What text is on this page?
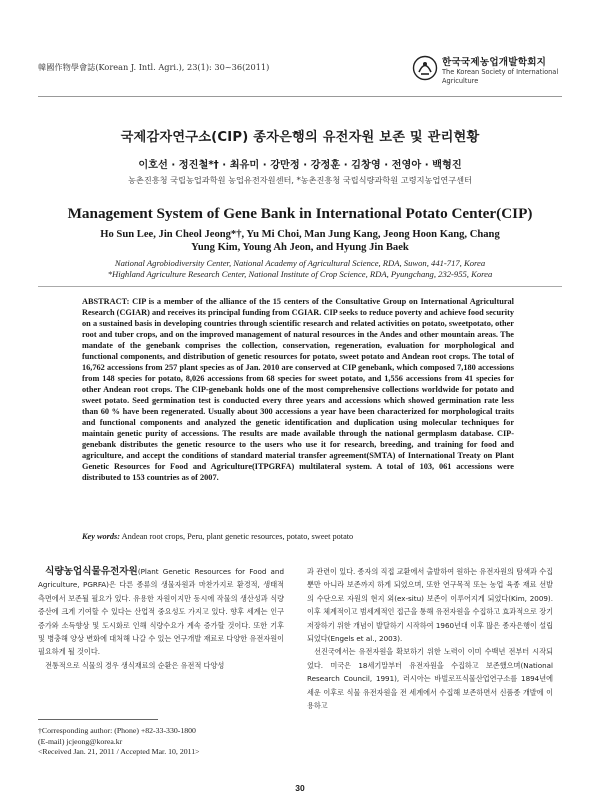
韓國作物學會誌(Korean J. Intl. Agri.), 23(1): 30~36(2011)	한국국제농업개발학회지
The Korean Society of International Agriculture
국제감자연구소(CIP) 종자은행의 유전자원 보존 및 관리현황
이호선 · 정진철*† · 최유미 · 강만정 · 강정훈 · 김창영 · 전영아 · 백형진
농촌진흥청 국립농업과학원 농업유전자원센터, *농촌진흥청 국립식량과학원 고령지농업연구센터
Management System of Gene Bank in International Potato Center(CIP)
Ho Sun Lee, Jin Cheol Jeong*†, Yu Mi Choi, Man Jung Kang, Jeong Hoon Kang, Chang Yung Kim, Young Ah Jeon, and Hyung Jin Baek
National Agrobiodiversity Center, National Academy of Agricultural Science, RDA, Suwon, 441-717, Korea
*Highland Agriculture Research Center, National Institute of Crop Science, RDA, Pyungchang, 232-955, Korea
ABSTRACT: CIP is a member of the alliance of the 15 centers of the Consultative Group on International Agricultural Research (CGIAR) and receives its principal funding from CGIAR. CIP seeks to reduce poverty and achieve food security on a sustained basis in developing countries through scientific research and related activities on potato, sweetpotato, other root and tuber crops, and on the improved management of natural resources in the Andes and other mountain areas. The mandate of the genebank comprises the collection, conservation, regeneration, evaluation for morphological and functional components, and distribution of genetic resources for potato, sweet potato and Andean root crops. The total of 16,762 accessions from 257 plant species as of Jan. 2010 are conserved at CIP genebank, which composed 7,180 accessions from 148 species for potato, 8,026 accessions from 68 species for sweet potato, and 1,556 accessions from 41 species for other Andean root crops. The CIP-genebank holds one of the most comprehensive collections worldwide for potato and sweet potato. Seed germination test is conducted every three years and accessions which showed germination rate less than 60 % have been regenerated. Usually about 300 accessions a year have been characterized for morphological traits and functional components and analyzed the genetic identification and duplication using molecular techniques for maintain genetic purity of accessions. The results are made available through the national germplasm database. CIP-genebank distributes the genetic resource to the users who use it for research, breeding, and training for food and agriculture, and accept the conditions of standard material transfer agreement(SMTA) of International Treaty on Plant Genetic Resources for Food and Agriculture(ITPGRFA) multilateral system. A total of 103, 061 accessions were distributed to 153 countries as of 2007.
Key words: Andean root crops, Peru, plant genetic resources, potato, sweet potato

식량농업식물유전자원(Plant Genetic Resources for Food and Agriculture, PGRFA)은 다른 종류의 생물자원과 마찬가지로 환경적, 생태적 측면에서 보존될 필요가 있다. 유용한 자원이지만 동시에 작물의 생산성과 식량증산에 크게 기여할 수 있다는 산업적 중요성도 가지고 있다. 향후 세계는 인구증가와 소득향상 및 도시화로 인해 식량수요가 계속 증가할 것이다. 또한 기후 및 병충해 양상 변화에 대처해 나갈 수 있는 연구개발 재료로 다양한 유전자원이 필요하게 될 것이다.

전통적으로 식물의 경우 생식재료의 순환은 유전적 다양성

과 관련이 있다. 종자의 직접 교환에서 출발하여 원하는 유전자원의 탐색과 수집뿐만 아니라 보존까지 하게 되었으며, 또한 연구목적 또는 농업 육종 재료 선발의 수단으로 자원의 현지 외(ex-situ) 보존이 이루어지게 되었다(Kim, 2009). 이후 체계적이고 범세계적인 접근을 통해 유전자원을 수집하고 효과적으로 장기 저장하기 위한 개념이 발달하기 시작하여 1960년대 이후 많은 종자은행이 설립되었다(Engels et al., 2003).

선진국에서는 유전자원을 확보하기 위한 노력이 이미 수백년 전부터 시작되었다. 미국은 18세기말부터 유전자원을 수집하고 보존했으며(National Research Council, 1991), 러시아는 바빌로프식물산업연구소를 1894년에 세운 이후로 식물 유전자원을 전 세계에서 수집해 보존하면서 신품종 개발에 이용하고

†Corresponding author: (Phone) +82-33-330-1800

(E-mail) jcjeong@korea.kr

<Received Jan. 21, 2011 / Accepted Mar. 10, 2011>

30
